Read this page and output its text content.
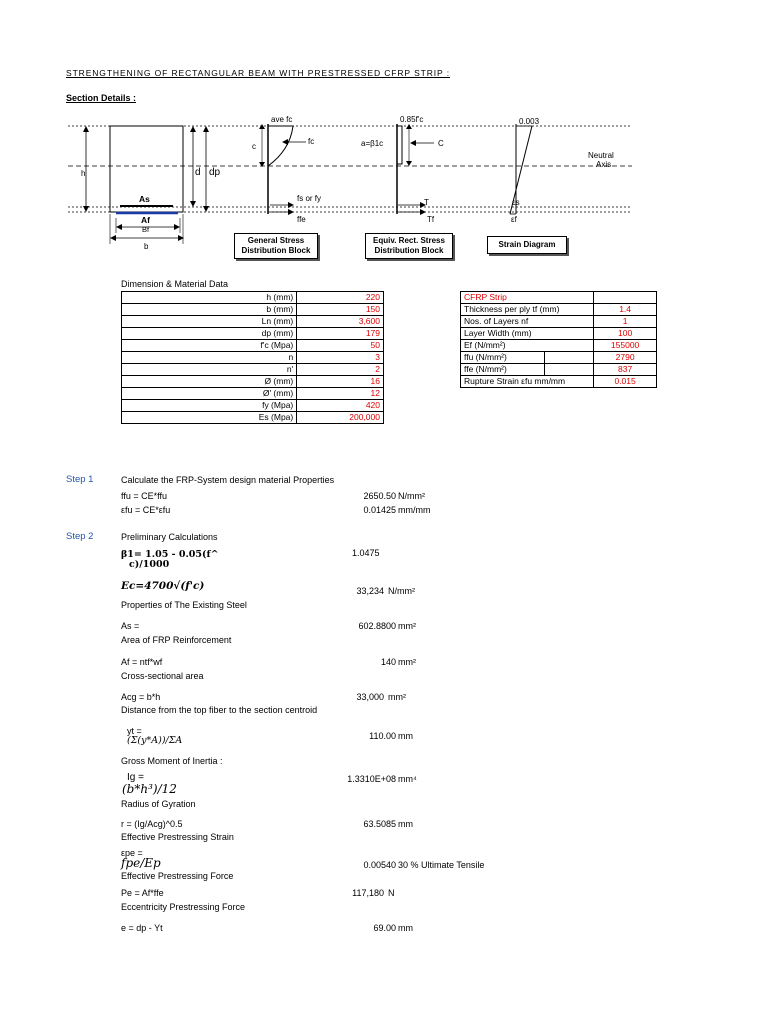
STRENGTHENING OF RECTANGULAR BEAM WITH PRESTRESSED CFRP STRIP :
Section Details :
h	d dp
As
Af
Bf
b
ave fc
c
fc
fs or fy
ffe
0.85f'c
a=β1c	C
T
Tf
0.003
Neutral
Axis
εs
εf
General Stress
Distribution Block
Equiv. Rect. Stress
Distribution Block
Strain Diagram
Dimension & Material Data
h (mm)	220
b (mm)	150
Ln (mm)	3,600
dp (mm)	179
f'c (Mpa)	50
n	3
n'	2
Ø (mm)	16
Ø' (mm)	12
fy (Mpa)	420
Es (Mpa)	200,000
CFRP Strip		
Thickness per ply tf (mm)		1.4
Nos. of Layers nf		1
Layer Width (mm)		100
Ef (N/mm²)		155000
ffu (N/mm²)		2790
ffe (N/mm²)		837
Rupture Strain εfu mm/mm		0.015
Step 1	Calculate the FRP-System design material Properties
ffu = CE*ffu	2650.50 N/mm²
εfu = CE*εfu	0.01425 mm/mm
Step 2	Preliminary Calculations
β1= 1.05 - 0.05(f^
c)/1000
1.0475
Ec=4700√(f'c)	33,234 N/mm²
Properties of The Existing Steel
As =	602.8800 mm²
Area of FRP Reinforcement
Af = ntf*wf	140 mm²
Cross-sectional area
Acg = b*h	33,000 mm²
Distance from the top fiber to the section centroid
yt =
(Σ(y*A))/ΣA	110.00 mm
Gross Moment of Inertia :
Ig =
(b*h³)/12
1.3310E+08 mm⁴
Radius of Gyration
r = (Ig/Acg)^0.5	63.5085 mm
Effective Prestressing Strain
εpe =
fpe/Ep	0.00540 30 % Ultimate Tensile
Effective Prestressing Force
Pe = Af*ffe	117,180 N
Eccentricity Prestressing Force
e = dp - Yt	69.00 mm
